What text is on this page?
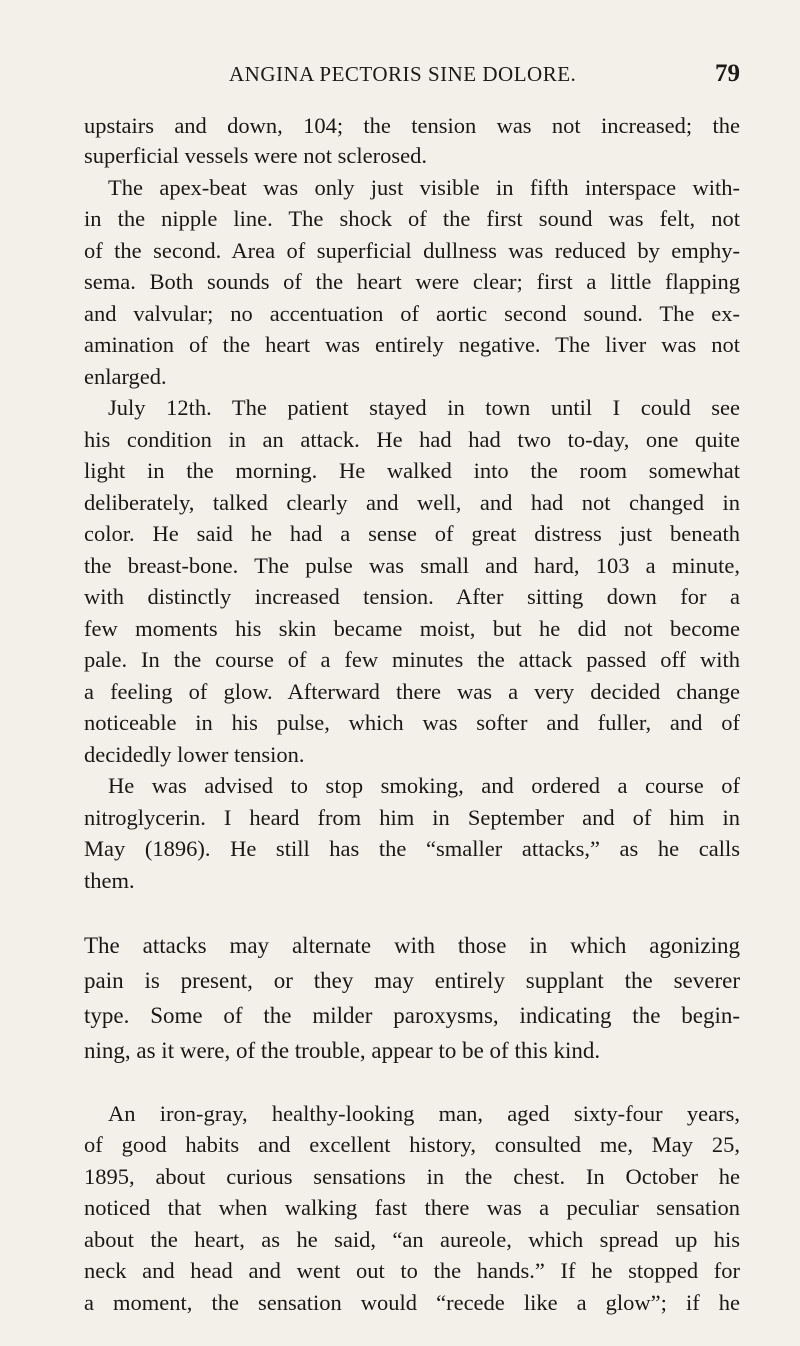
ANGINA PECTORIS SINE DOLORE.	79
upstairs and down, 104; the tension was not increased; the
superficial vessels were not sclerosed.
The apex-beat was only just visible in fifth interspace with-
in the nipple line. The shock of the first sound was felt, not
of the second. Area of superficial dullness was reduced by emphy-
sema. Both sounds of the heart were clear; first a little flapping
and valvular; no accentuation of aortic second sound. The ex-
amination of the heart was entirely negative. The liver was not
enlarged.
July 12th. The patient stayed in town until I could see
his condition in an attack. He had had two to-day, one quite
light in the morning. He walked into the room somewhat
deliberately, talked clearly and well, and had not changed in
color. He said he had a sense of great distress just beneath
the breast-bone. The pulse was small and hard, 103 a minute,
with distinctly increased tension. After sitting down for a
few moments his skin became moist, but he did not become
pale. In the course of a few minutes the attack passed off with
a feeling of glow. Afterward there was a very decided change
noticeable in his pulse, which was softer and fuller, and of
decidedly lower tension.
He was advised to stop smoking, and ordered a course of
nitroglycerin. I heard from him in September and of him in
May (1896). He still has the “smaller attacks,” as he calls
them.
The attacks may alternate with those in which agonizing
pain is present, or they may entirely supplant the severer
type. Some of the milder paroxysms, indicating the begin-
ning, as it were, of the trouble, appear to be of this kind.
An iron-gray, healthy-looking man, aged sixty-four years,
of good habits and excellent history, consulted me, May 25,
1895, about curious sensations in the chest. In October he
noticed that when walking fast there was a peculiar sensation
about the heart, as he said, “an aureole, which spread up his
neck and head and went out to the hands.” If he stopped for
a moment, the sensation would “recede like a glow”; if he
